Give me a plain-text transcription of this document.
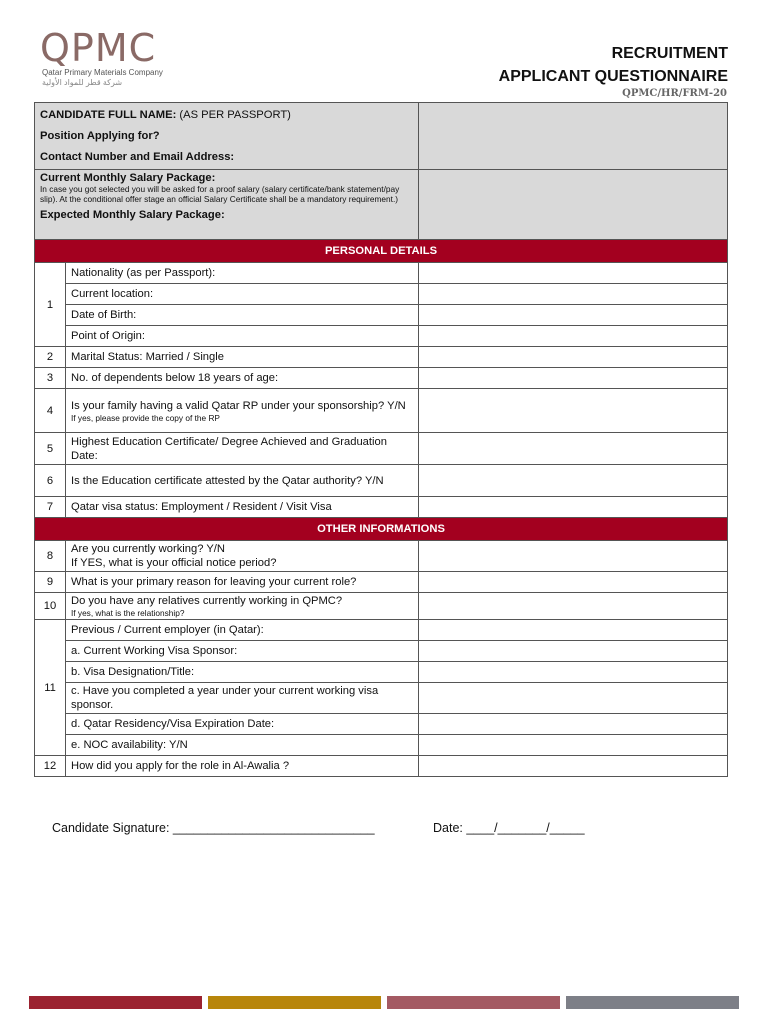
QPMC
Qatar Primary Materials Company
شركة قطر للمواد الأولية
RECRUITMENT
APPLICANT QUESTIONNAIRE
QPMC/HR/FRM-20
CANDIDATE FULL NAME: (AS PER PASSPORT)
Position Applying for?
Contact Number and Email Address:		

Current Monthly Salary Package:
In case you got selected you will be asked for a proof salary (salary certificate/bank statement/pay slip). At the conditional offer stage an official Salary Certificate shall be a mandatory requirement.)
Expected Monthly Salary Package:		

PERSONAL DETAILS		
1	Nationality (as per Passport):	
	Current location:	
	Date of Birth:	
	Point of Origin:	
2	Marital Status: Married / Single	
3	No. of dependents below 18 years of age:	
4	Is your family having a valid Qatar RP under your sponsorship? Y/N
If yes, please provide the copy of the RP	

5	Highest Education Certificate/ Degree Achieved and Graduation Date:	
6	Is the Education certificate attested by the Qatar authority? Y/N	
7	Qatar visa status: Employment / Resident / Visit Visa	
OTHER INFORMATIONS		
8	Are you currently working? Y/N
If YES, what is your official notice period?	

9	What is your primary reason for leaving your current role?	
10	Do you have any relatives currently working in QPMC?
If yes, what is the relationship?	

11	Previous / Current employer (in Qatar):	
	a. Current Working Visa Sponsor:	
	b. Visa Designation/Title:	
	c. Have you completed a year under your current working visa sponsor.	
	d. Qatar Residency/Visa Expiration Date:	
	e. NOC availability: Y/N	
12	How did you apply for the role in Al-Awalia ?	
Candidate Signature: _____________________________	Date: ____/_______/_____
